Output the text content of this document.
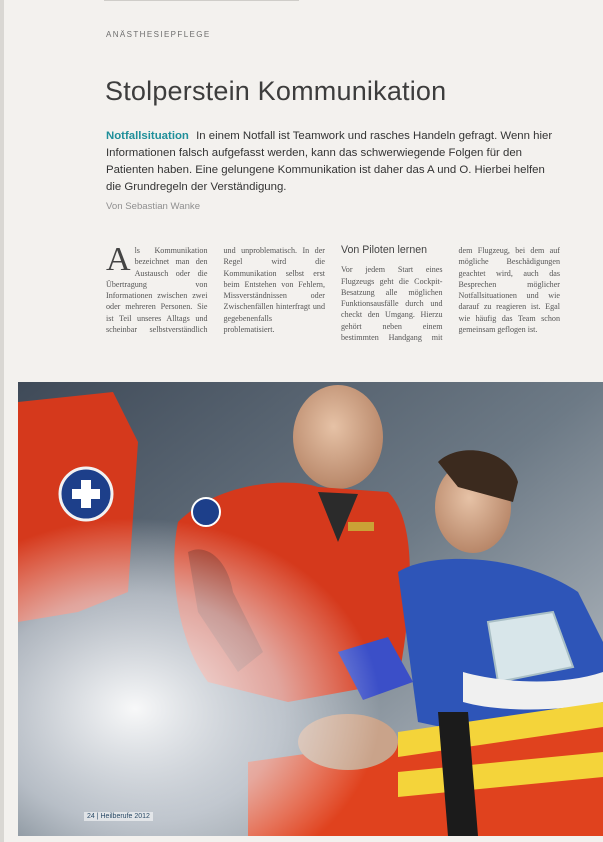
ANÄSTHESIEPFLEGE
Stolperstein Kommunikation

Notfallsituation In einem Notfall ist Teamwork und rasches Handeln gefragt. Wenn hier Informationen falsch aufgefasst werden, kann das schwerwiegende Folgen für den Patienten haben. Eine gelungene Kommunikation ist daher das A und O. Hierbei helfen die Grundregeln der Verständigung.

Von Sebastian Wanke

Als Kommunikation bezeichnet man den Austausch oder die Übertragung von Informationen zwischen zwei oder mehreren Personen. Sie ist Teil unseres Alltags und scheinbar selbstverständlich und unproblematisch. In der Regel wird die Kommunikation selbst erst beim Entstehen von Fehlern, Missverständnissen oder Zwischenfällen hinterfragt und gegebenenfalls problematisiert.

Von Piloten lernen

Vor jedem Start eines Flugzeugs geht die Cockpit-Besatzung alle möglichen Funktionsausfälle durch und checkt den Umgang. Hierzu gehört neben einem bestimmten Handgang mit dem Flugzeug, bei dem auf mögliche Beschädigungen geachtet wird, auch das Besprechen möglicher Notfallsituationen und wie darauf zu reagieren ist. Egal wie häufig das Team schon gemeinsam geflogen ist.

24 | Heilberufe 2012
